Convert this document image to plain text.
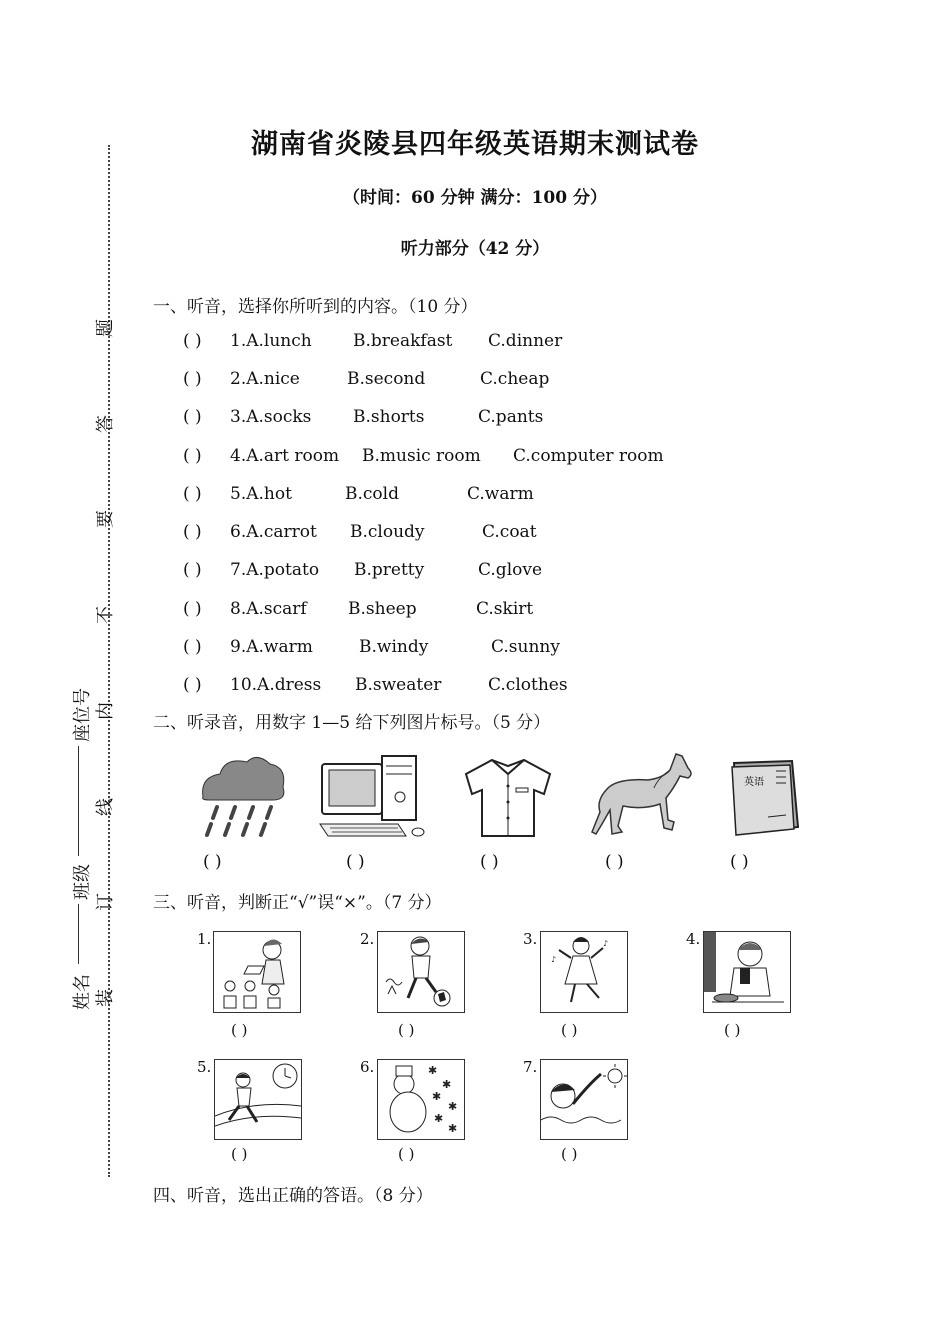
题
答
要
不
内
线
订
装
座位号
班级
姓名
湖南省炎陵县四年级英语期末测试卷
（时间：60 分钟 满分：100 分）
听力部分（42 分）
一、听音，选择你所听到的内容。（10 分）
( ) 1.A.lunch B.breakfast C.dinner
( ) 2.A.nice	B.second	C.cheap
( ) 3.A.socks B.shorts	C.pants
( ) 4.A.art room B.music room C.computer room
( ) 5.A.hot	B.cold	C.warm
( ) 6.A.carrot B.cloudy	C.coat
( ) 7.A.potato B.pretty	C.glove
( ) 8.A.scarf B.sheep	C.skirt
( ) 9.A.warm	B.windy	C.sunny
( ) 10.A.dress B.sweater	C.clothes
二、听录音，用数字 1—5 给下列图片标号。（5 分）
英语
( )	( )	( )	( )	( )
三、听音，判断正“√”误“×”。（7 分）
1.	2.	3.	♪
♪
4.
( )	( )	( )	( )
5.	6.	✱
✱
✱
✱
✱
✱
7.
( )	( )	( )
四、听音，选出正确的答语。（8 分）
